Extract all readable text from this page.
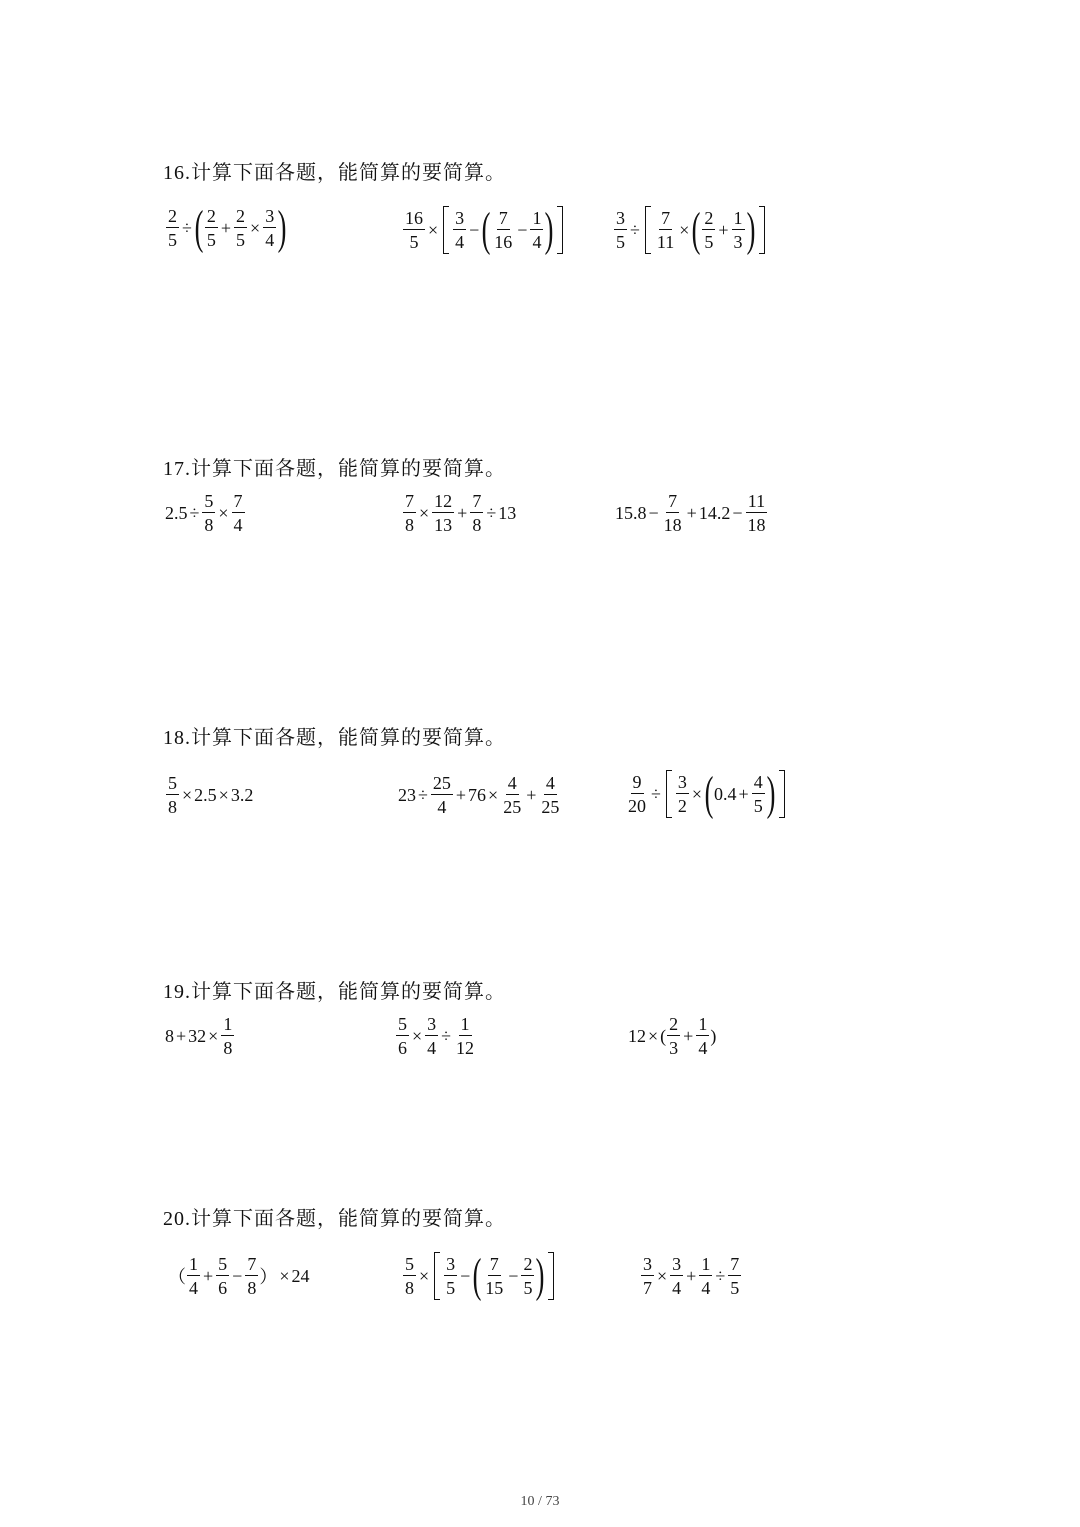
16.计算下面各题，能简算的要简算。
$\frac{2}{5}$ ÷ ( $\frac{2}{5} + \frac{2}{5} \times \frac{3}{4}$ )	$\frac{16}{5} \times \frac{3}{4}$ − ( $\frac{7}{16} - \frac{1}{4}$ )	$\frac{3}{5} \div \frac{7}{11}$ × ( $\frac{2}{5} + \frac{1}{3}$ )
17.计算下面各题，能简算的要简算。
$2.5 \div \frac{5}{8} \times \frac{7}{4}$	$\frac{7}{8} \times \frac{12}{13} + \frac{7}{8} \div 13$	$15.8 - \frac{7}{18} + 14.2 - \frac{11}{18}$
18.计算下面各题，能简算的要简算。
$\frac{5}{8} \times 2.5 \times 3.2$	$23 \div \frac{25}{4} + 76 \times \frac{4}{25} + \frac{4}{25}$	$\frac{9}{20} \div \frac{3}{2}$ × ( $0.4 + \frac{4}{5}$ )
19.计算下面各题，能简算的要简算。
$8 + 32 \times \frac{1}{8}$	$\frac{5}{6} \times \frac{3}{4} \div \frac{1}{12}$	12 × ( $\frac{2}{3} + \frac{1}{4}$ )
20.计算下面各题，能简算的要简算。
（ $\frac{1}{4} + \frac{5}{6} - \frac{7}{8}$ ） × 24	$\frac{5}{8} \times \frac{3}{5}$ − ( $\frac{7}{15} - \frac{2}{5}$ )	$\frac{3}{7} \times \frac{3}{4} + \frac{1}{4} \div \frac{7}{5}$
10 / 73
